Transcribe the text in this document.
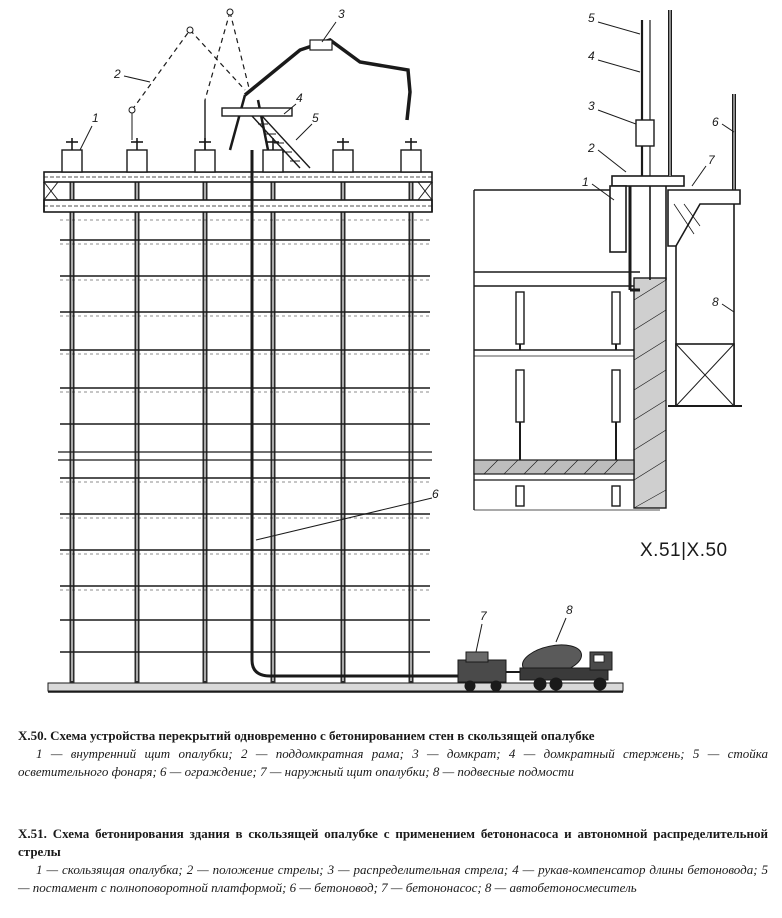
1
2
3
4
5
6
7	8
5
4
3
2
1
7
6
8
X.51|X.50
X.50. Схема устройства перекрытий одновременно с бетонированием стен в скользящей опалубке
1 — внутренний щит опалубки; 2 — поддомкратная рама; 3 — домкрат; 4 — домкратный стержень; 5 — стойка осветительного фонаря; 6 — ограждение; 7 — наружный щит опалубки; 8 — подвесные подмости
X.51. Схема бетонирования здания в скользящей опалубке с применением бетононасоса и автономной распределительной стрелы
1 — скользящая опалубка; 2 — положение стрелы; 3 — распределительная стрела; 4 — рукав-компенсатор длины бетоновода; 5 — постамент с полноповоротной платформой; 6 — бетоновод; 7 — бетононасос; 8 — автобетоносмеситель
